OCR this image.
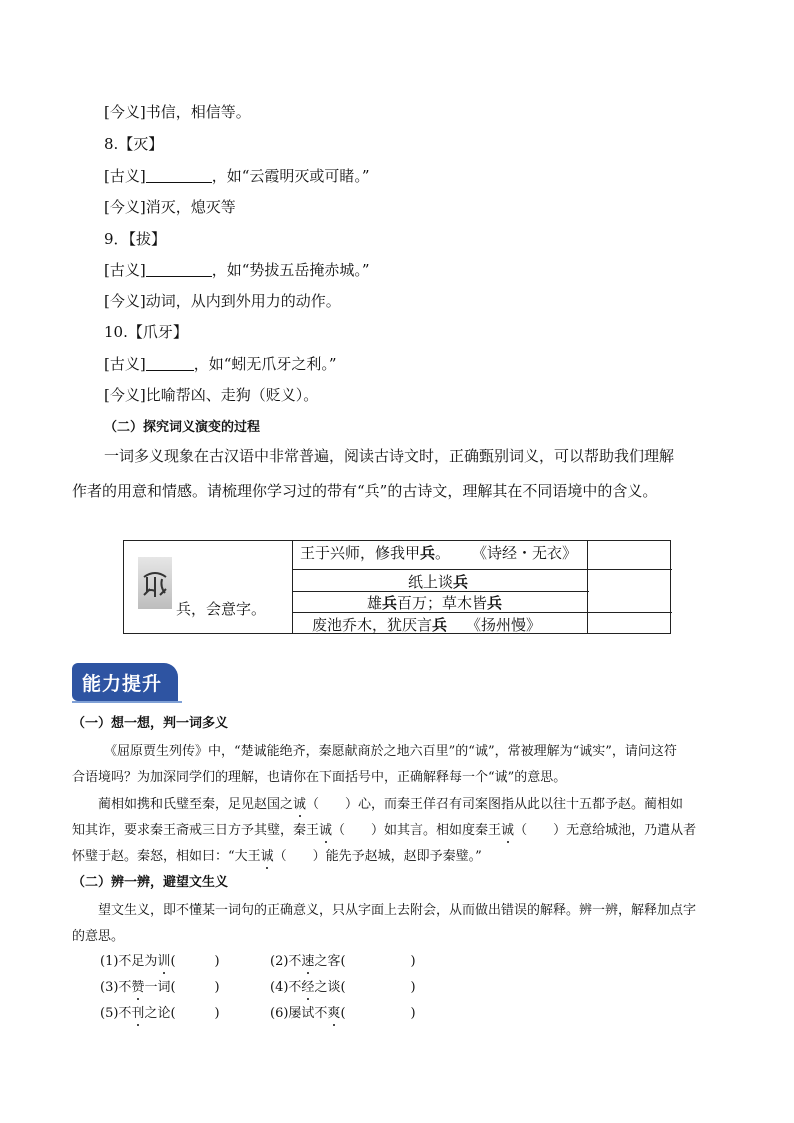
[今义]书信，相信等。
8.【灭】
[古义]	，如“云霞明灭或可睹。”
[今义]消灭，熄灭等
9．【拔】
[古义]	，如“势拔五岳掩赤城。”
[今义]动词，从内到外用力的动作。
10.【爪牙】
[古义]	，如“蚓无爪牙之利。”
[今义]比喻帮凶、走狗（贬义）。
（二）探究词义演变的过程
一词多义现象在古汉语中非常普遍，阅读古诗文时，正确甄别词义，可以帮助我们理解
作者的用意和情感。请梳理你学习过的带有“兵”的古诗文，理解其在不同语境中的含义。
兵，会意字。
王于兴师，修我甲兵。 《诗经・无衣》
纸上谈兵
雄兵百万；草木皆兵
废池乔木，犹厌言兵 《扬州慢》
能力提升
（一）想一想，判一词多义
《屈原贾生列传》中，“楚诚能绝齐，秦愿献商於之地六百里”的“诚”，常被理解为“诚实”，请问这符
合语境吗？为加深同学们的理解，也请你在下面括号中，正确解释每一个“诚”的意思。
蔺相如携和氏璧至秦，足见赵国之诚（　　）心，而秦王佯召有司案图指从此以往十五都予赵。蔺相如
知其诈，要求秦王斋戒三日方予其璧，秦王诚（　　）如其言。相如度秦王诚（　　）无意给城池，乃遣从者
怀璧于赵。秦怒，相如曰：“大王诚（　　）能先予赵城，赵即予秦璧。”
（二）辨一辨，避望文生义
望文生义，即不懂某一词句的正确意义，只从字面上去附会，从而做出错误的解释。辨一辨，解释加点字
的意思。
(1)不足为训(　　　)	(2)不速之客(　　　　　)
(3)不赞一词(　　　)	(4)不经之谈(　　　　　)
(5)不刊之论(　　　)	(6)屡试不爽(　　　　　)
